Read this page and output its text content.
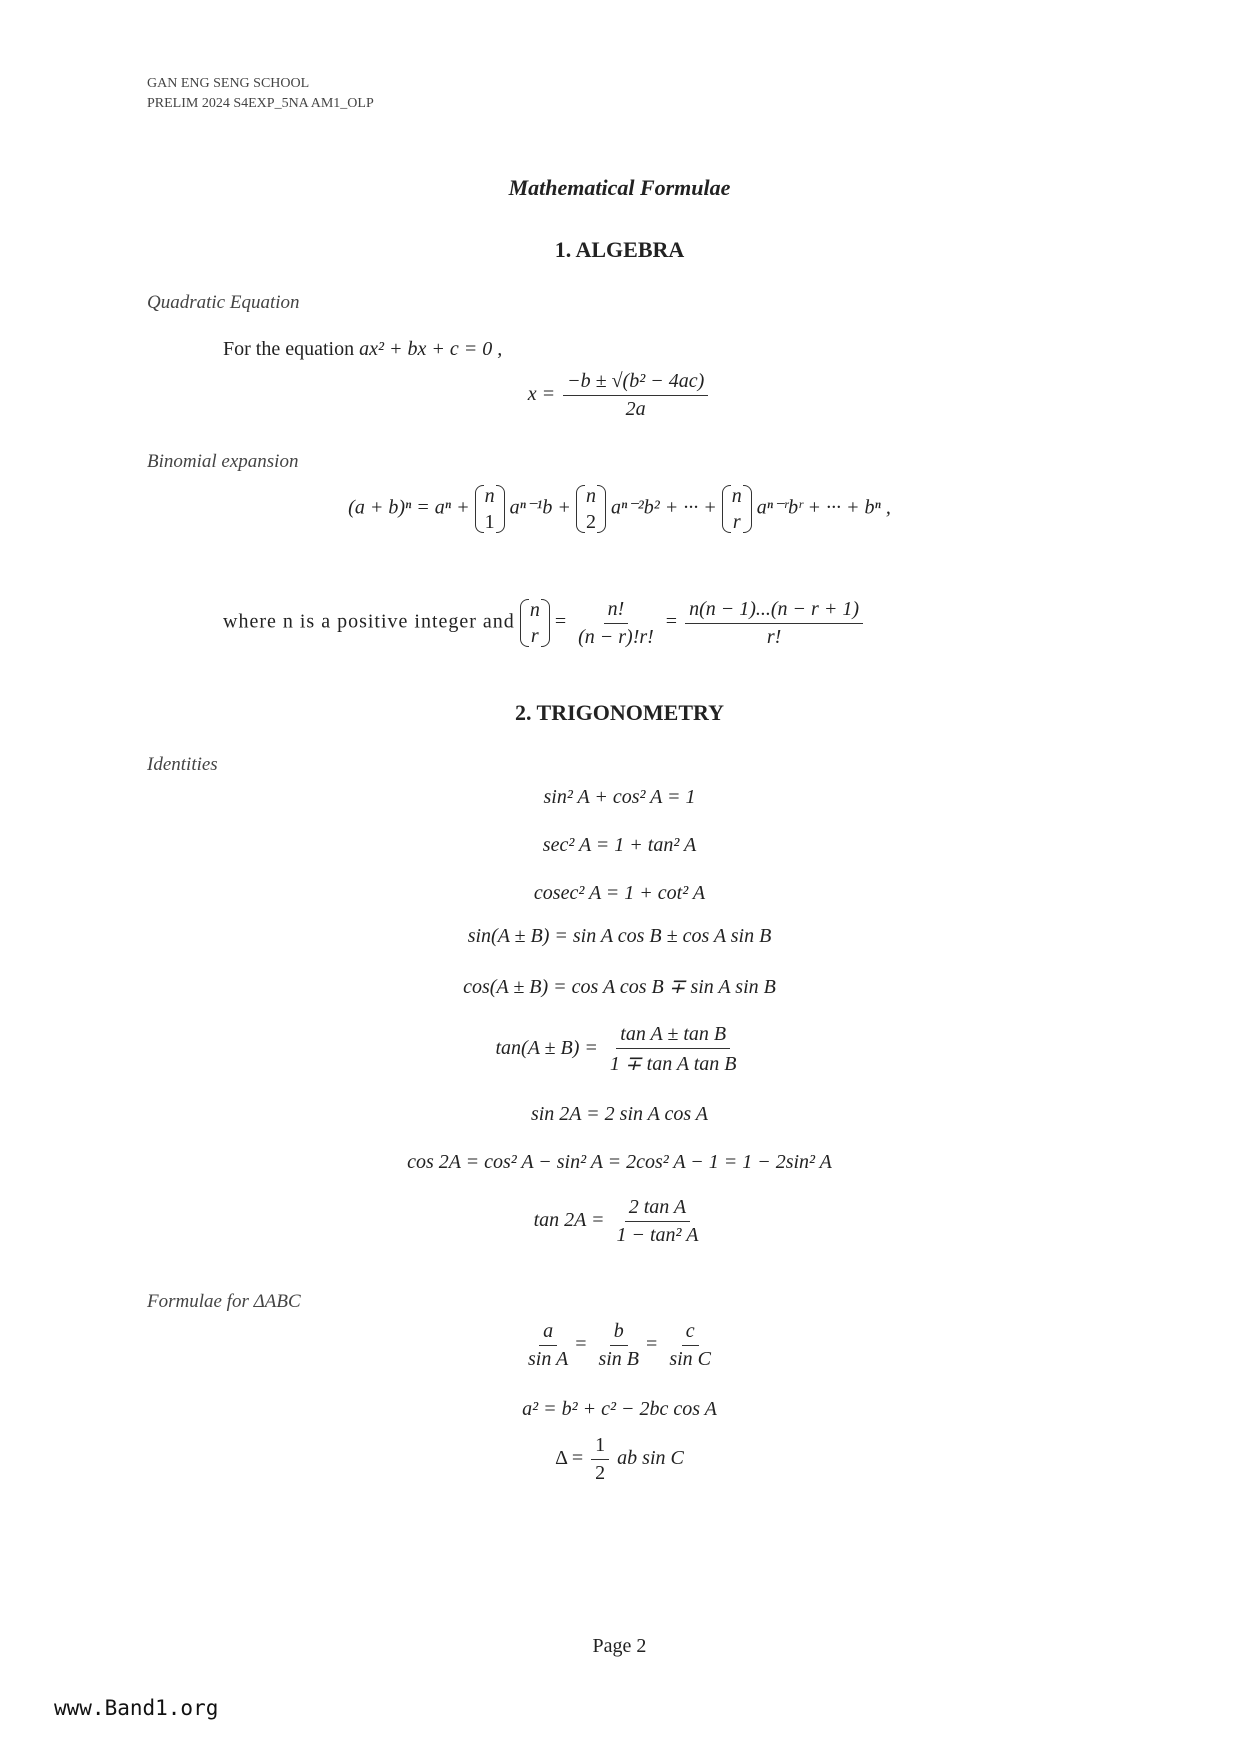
GAN ENG SENG SCHOOL
PRELIM 2024 S4EXP_5NA AM1_OLP
Mathematical Formulae
1. ALGEBRA
Quadratic Equation
For the equation ax² + bx + c = 0 ,
$x = \frac{\text{−b ± √(b² − 4ac)}}{2a}$
Binomial expansion
(a + b)ⁿ = aⁿ +
n
1
aⁿ⁻¹b +
n
2
aⁿ⁻²b² + ··· +
n
r
aⁿ⁻ʳbʳ + ··· + bⁿ ,
where n is a positive integer and
n
r
= $\frac{n!}{(n - r)!r!} = \frac{n(n - 1)...(n - r + 1)}{r!}$
2. TRIGONOMETRY
Identities
sin² A + cos² A = 1
sec² A = 1 + tan² A
cosec² A = 1 + cot² A
sin(A ± B) = sin A cos B ± cos A sin B
cos(A ± B) = cos A cos B ∓ sin A sin B
$\tan(A \pm B) = \frac{\text{tan A ± tan B}}{\text{1 ∓ tan A tan B}}$
sin 2A = 2 sin A cos A
cos 2A = cos² A − sin² A = 2cos² A − 1 = 1 − 2sin² A
$\tan 2A = \frac{\text{2 tan A}}{\text{1 − tan² A}}$
Formulae for ΔABC
$\frac{a}{\text{sin A}} = \frac{b}{\text{sin B}} = \frac{c}{\text{sin C}}$
a² = b² + c² − 2bc cos A
$\Delta = \frac{1}{2}$ ab sin C
Page 2
www.Band1.org
